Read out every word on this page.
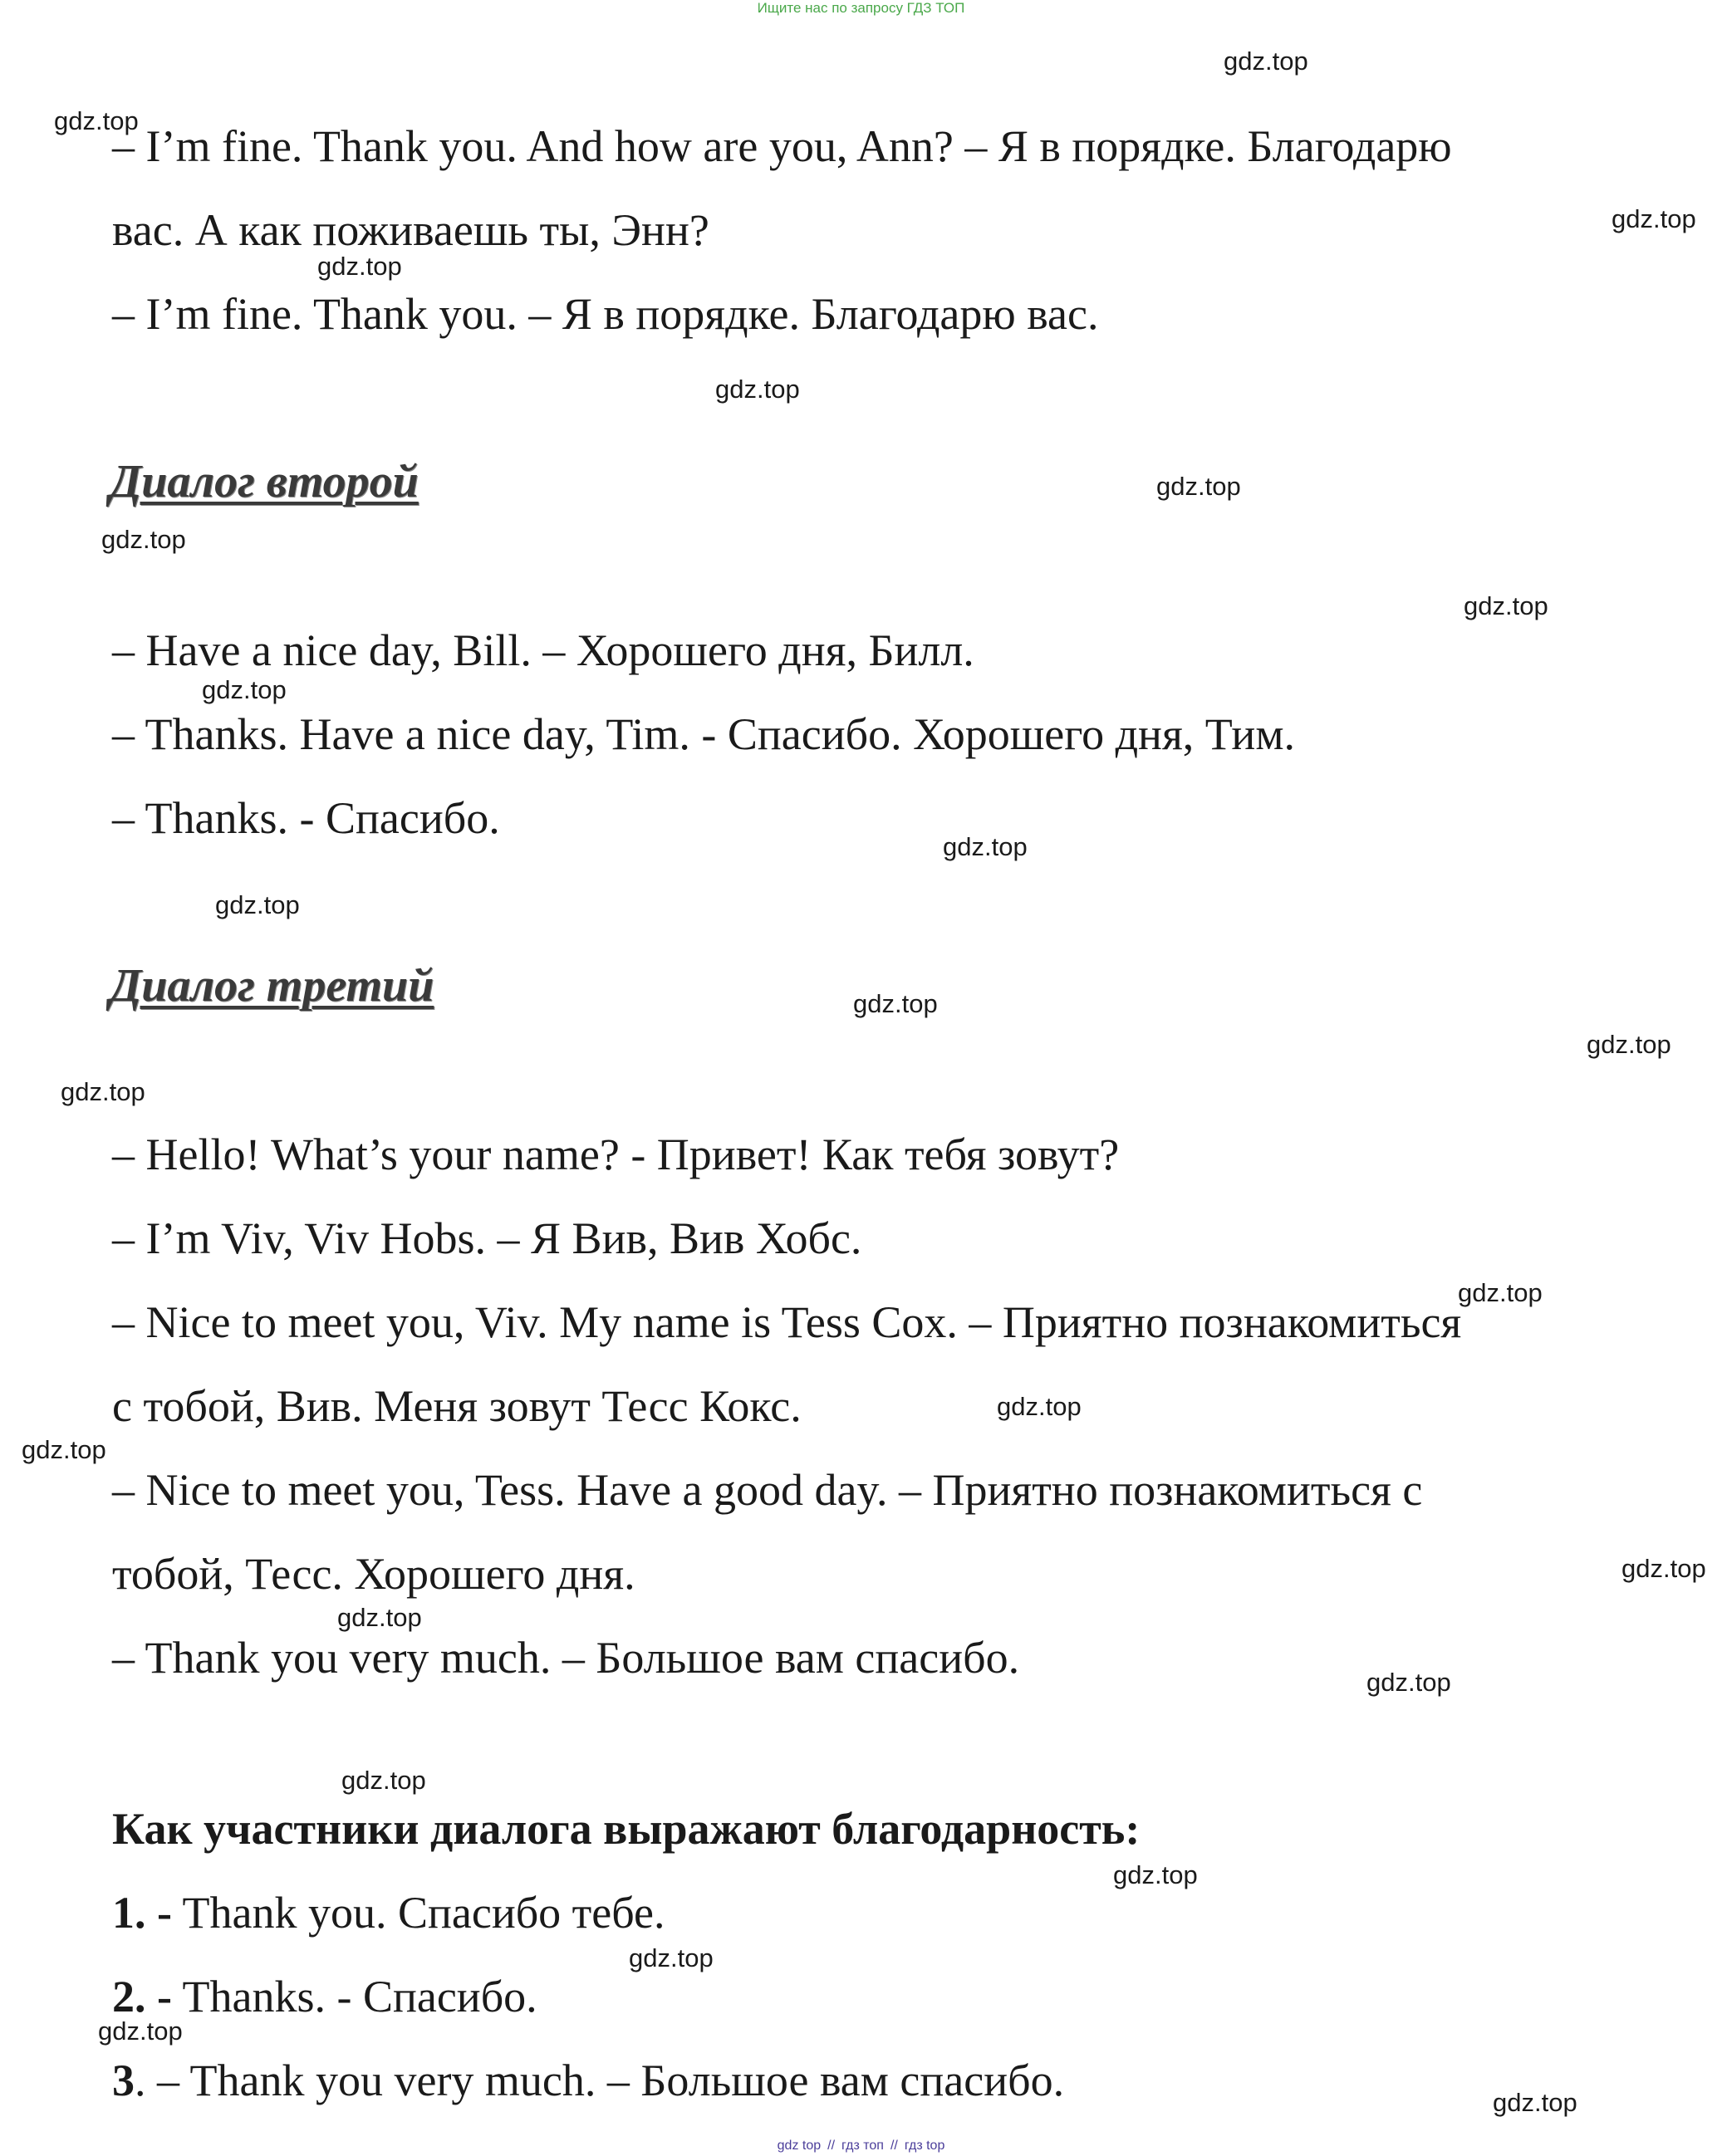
Ищите нас по запросу ГДЗ ТОП
– I’m fine. Thank you. And how are you, Ann? – Я в порядке. Благодарю
вас. А как поживаешь ты, Энн?
– I’m fine. Thank you. – Я в порядке. Благодарю вас.
Диалог второй
– Have a nice day, Bill. – Хорошего дня, Билл.
– Thanks. Have a nice day, Tim. - Спасибо. Хорошего дня, Тим.
– Thanks. - Спасибо.
Диалог третий
– Hello! What’s your name? - Привет! Как тебя зовут?
– I’m Viv, Viv Hobs. – Я Вив, Вив Хобс.
– Nice to meet you, Viv. My name is Tess Cox. – Приятно познакомиться
с тобой, Вив. Меня зовут Тесс Кокс.
– Nice to meet you, Tess. Have a good day. – Приятно познакомиться с
тобой, Тесс. Хорошего дня.
– Thank you very much. – Большое вам спасибо.
Как участники диалога выражают благодарность:
1. - Thank you. Спасибо тебе.
2. - Thanks. - Спасибо.
3. – Thank you very much. – Большое вам спасибо.
gdz.top
gdz.top
gdz.top
gdz.top
gdz.top
gdz.top
gdz.top
gdz.top
gdz.top
gdz.top
gdz.top
gdz.top
gdz.top
gdz.top
gdz.top
gdz.top
gdz.top
gdz.top
gdz.top
gdz.top
gdz.top
gdz.top
gdz.top
gdz.top
gdz.top
gdz top // гдз топ // гдз top
